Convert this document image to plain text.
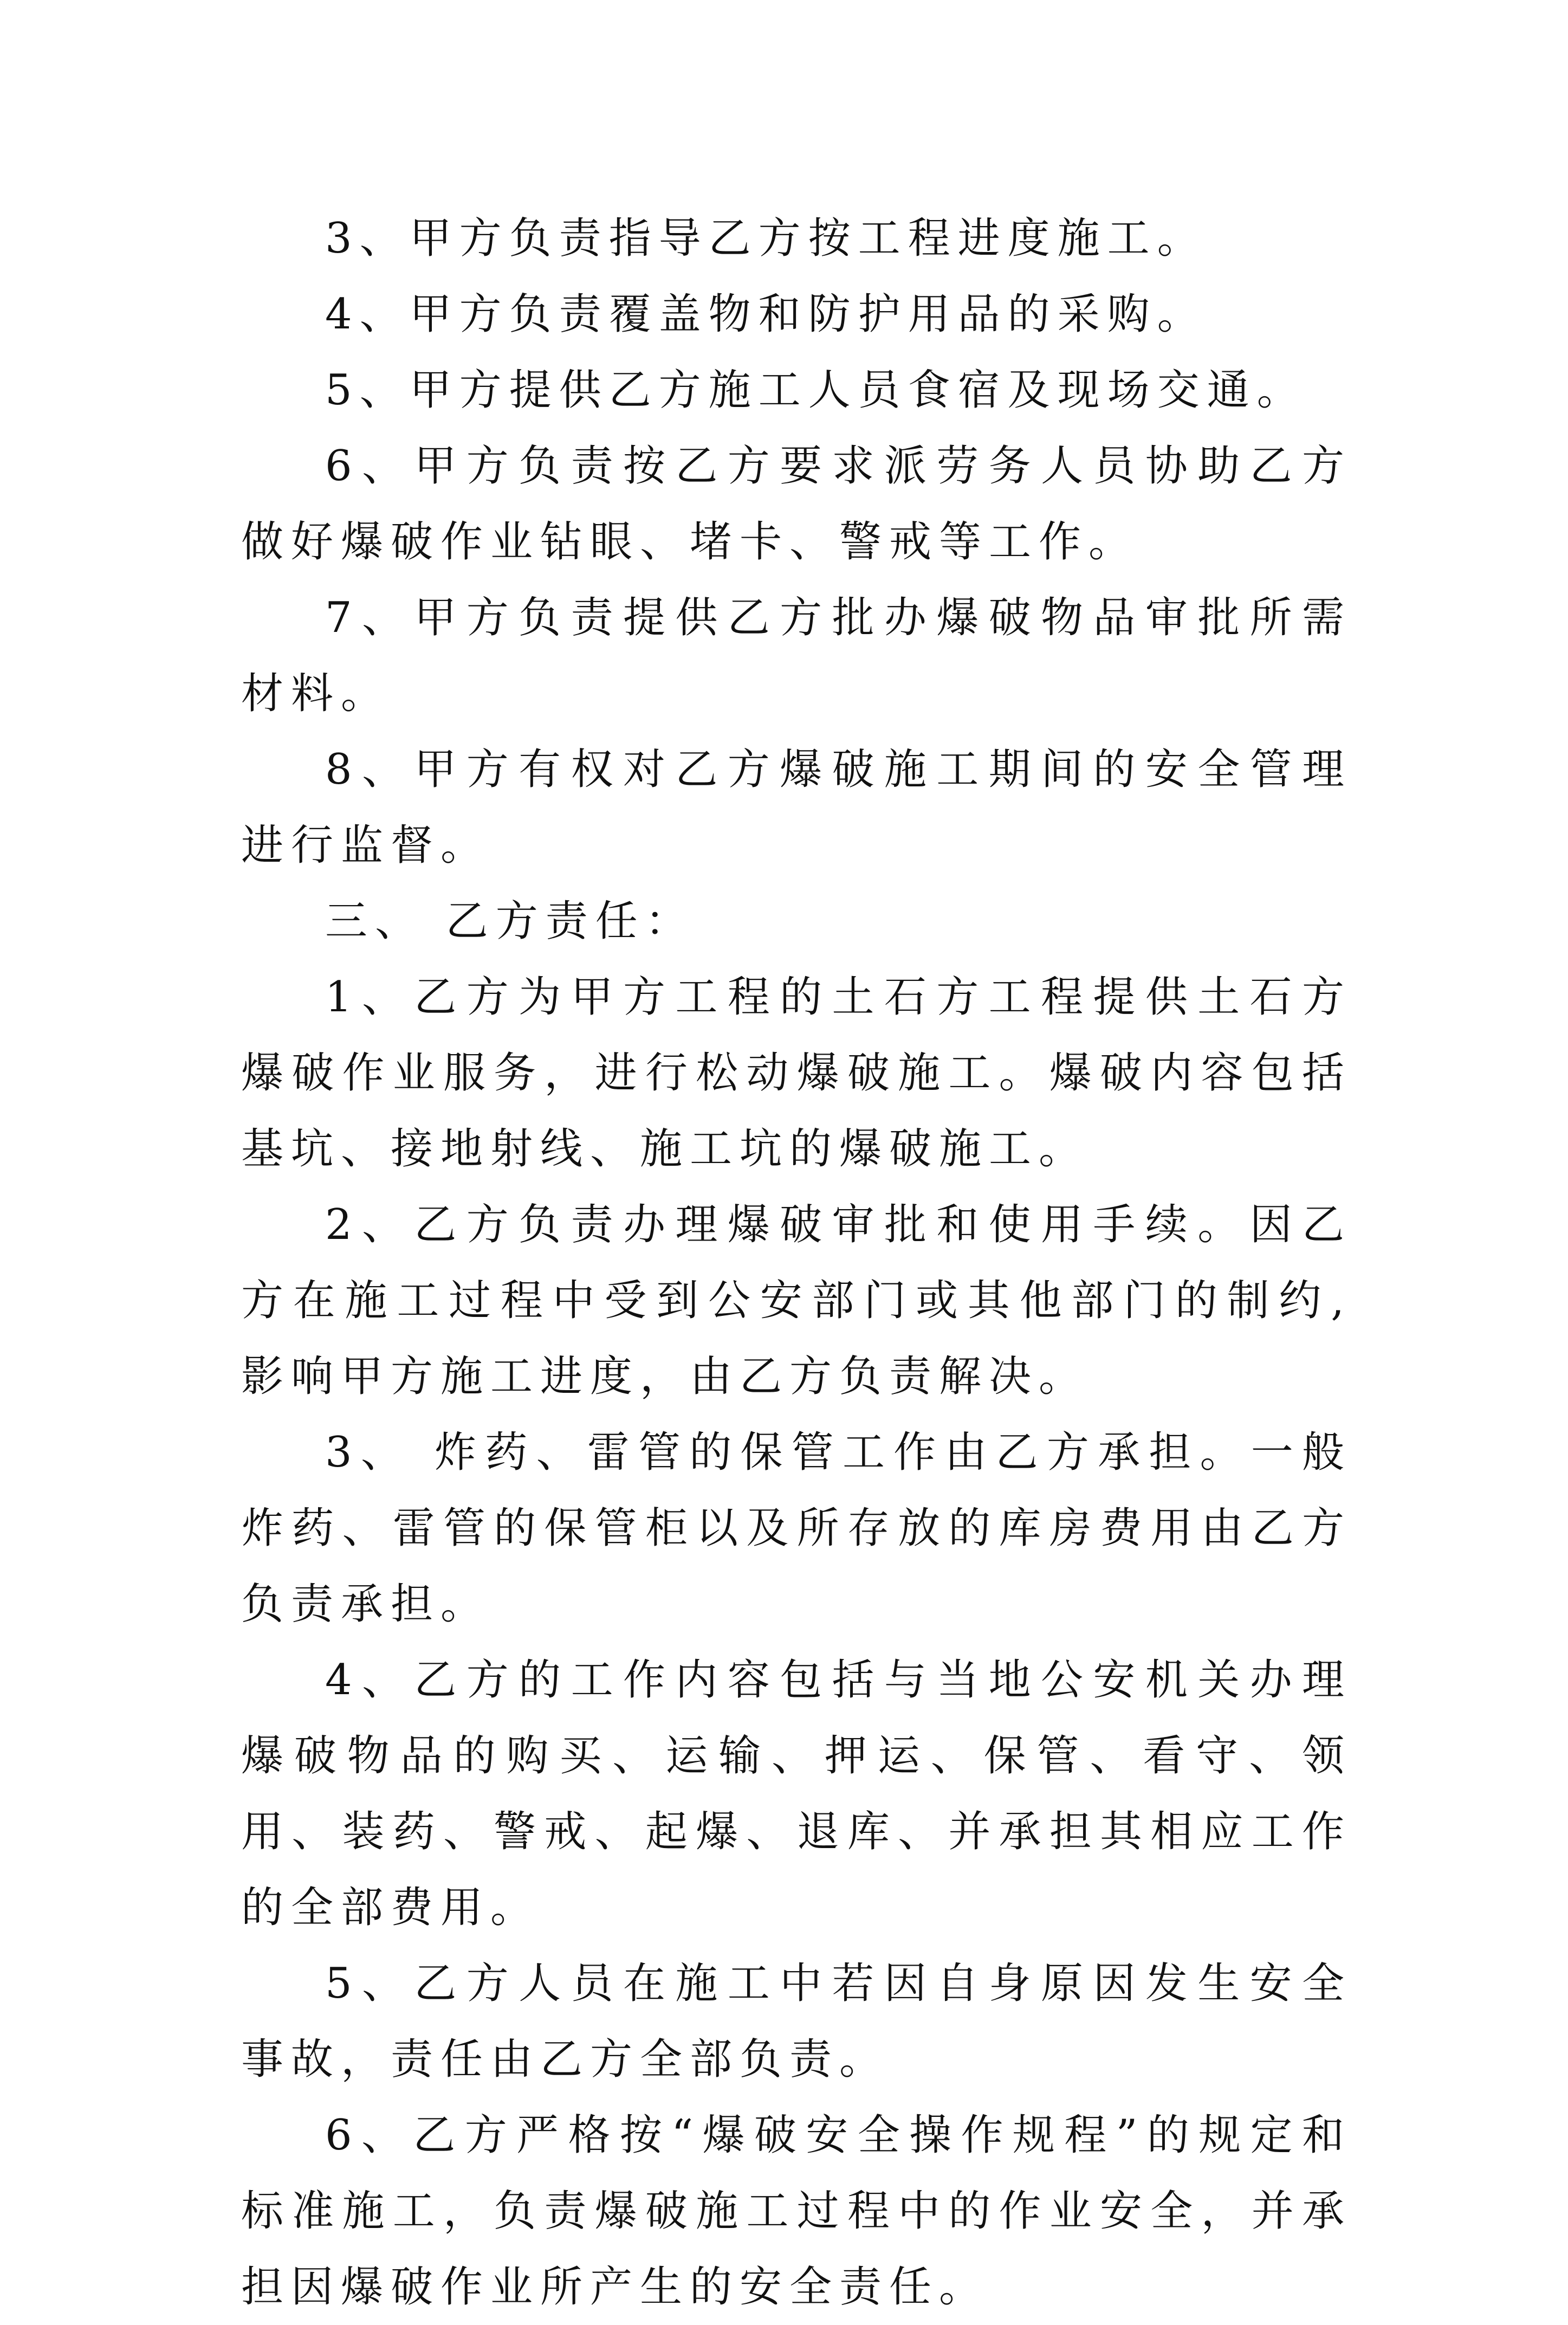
3、甲方负责指导乙方按工程进度施工。

4、甲方负责覆盖物和防护用品的采购。

5、甲方提供乙方施工人员食宿及现场交通。

6、甲方负责按乙方要求派劳务人员协助乙方做好爆破作业钻眼、堵卡、警戒等工作。

7、甲方负责提供乙方批办爆破物品审批所需材料。

8、甲方有权对乙方爆破施工期间的安全管理进行监督。

三、 乙方责任：

1、乙方为甲方工程的土石方工程提供土石方爆破作业服务，进行松动爆破施工。爆破内容包括基坑、接地射线、施工坑的爆破施工。

2、乙方负责办理爆破审批和使用手续。因乙方在施工过程中受到公安部门或其他部门的制约,影响甲方施工进度，由乙方负责解决。

3、 炸药、雷管的保管工作由乙方承担。一般炸药、雷管的保管柜以及所存放的库房费用由乙方负责承担。

4、乙方的工作内容包括与当地公安机关办理爆破物品的购买、运输、押运、保管、看守、领用、装药、警戒、起爆、退库、并承担其相应工作的全部费用。

5、乙方人员在施工中若因自身原因发生安全事故，责任由乙方全部负责。

6、乙方严格按“爆破安全操作规程”的规定和标准施工，负责爆破施工过程中的作业安全，并承担因爆破作业所产生的安全责任。
